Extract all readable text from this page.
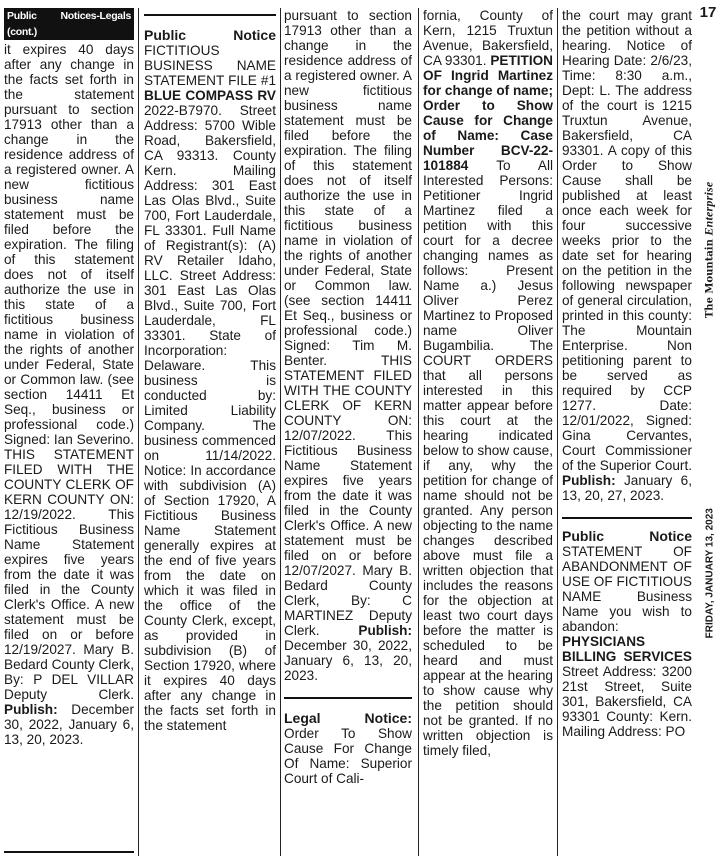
Public Notices-Legals (cont.)
it expires 40 days after any change in the facts set forth in the statement pursuant to section 17913 other than a change in the residence address of a registered owner. A new fictitious business name statement must be filed before the expiration. The filing of this statement does not of itself authorize the use in this state of a fictitious business name in violation of the rights of another under Federal, State or Common law. (see section 14411 Et Seq., business or professional code.) Signed: Ian Severino. THIS STATEMENT FILED WITH THE COUNTY CLERK OF KERN COUNTY ON: 12/19/2022. This Fictitious Business Name Statement expires five years from the date it was filed in the County Clerk's Office. A new statement must be filed on or before 12/19/2027. Mary B. Bedard County Clerk, By: P DEL VILLAR Deputy Clerk. Publish: December 30, 2022, January 6, 13, 20, 2023.
Public	Notice
FICTITIOUS BUSINESS NAME STATEMENT FILE #1 BLUE COMPASS RV 2022-B7970. Street Address: 5700 Wible Road, Bakersfield, CA 93313. County Kern. Mailing Address: 301 East Las Olas Blvd., Suite 700, Fort Lauderdale, FL 33301. Full Name of Registrant(s): (A) RV Retailer Idaho, LLC. Street Address: 301 East Las Olas Blvd., Suite 700, Fort Lauderdale, FL 33301. State of Incorporation: Delaware. This business is conducted by: Limited Liability Company. The business commenced on 11/14/2022. Notice: In accordance with subdivision (A) of Section 17920, A Fictitious Business Name Statement generally expires at the end of five years from the date on which it was filed in the office of the County Clerk, except, as provided in subdivision (B) of Section 17920, where it expires 40 days after any change in the facts set forth in the statement
pursuant to section 17913 other than a change in the residence address of a registered owner. A new fictitious business name statement must be filed before the expiration. The filing of this statement does not of itself authorize the use in this state of a fictitious business name in violation of the rights of another under Federal, State or Common law. (see section 14411 Et Seq., business or professional code.) Signed: Tim M. Benter. THIS STATEMENT FILED WITH THE COUNTY CLERK OF KERN COUNTY ON: 12/07/2022. This Fictitious Business Name Statement expires five years from the date it was filed in the County Clerk's Office. A new statement must be filed on or before 12/07/2027. Mary B. Bedard County Clerk, By: C MARTINEZ Deputy Clerk.	Publish: December 30, 2022, January 6, 13, 20, 2023.
Legal	Notice:
Order To Show Cause For Change Of Name: Superior Court of Cali-
fornia, County of Kern, 1215 Truxtun Avenue, Bakersfield, CA 93301. PETITION OF Ingrid Martinez for change of name; Order to Show Cause for Change of Name: Case Number BCV-22-101884 To All Interested Persons: Petitioner Ingrid Martinez filed a petition with this court for a decree changing names as follows: Present Name a.) Jesus Oliver Perez Martinez to Proposed name Oliver Bugambilia. The COURT ORDERS that all persons interested in this matter appear before this court at the hearing indicated below to show cause, if any, why the petition for change of name should not be granted. Any person objecting to the name changes described above must file a written objection that includes the reasons for the objection at least two court days before the matter is scheduled to be heard and must appear at the hearing to show cause why the petition should not be granted. If no written objection is timely filed,
the court may grant the petition without a hearing. Notice of Hearing Date: 2/6/23, Time: 8:30 a.m., Dept: L. The address of the court is 1215 Truxtun Avenue, Bakersfield, CA 93301. A copy of this Order to Show Cause shall be published at least once each week for four successive weeks prior to the date set for hearing on the petition in the following newspaper of general circulation, printed in this county: The Mountain Enterprise. Non petitioning parent to be served as required by CCP 1277. Date: 12/01/2022, Signed: Gina Cervantes, Court Commissioner of the Superior Court. Publish: January 6, 13, 20, 27, 2023.
Public	Notice
STATEMENT OF ABANDONMENT OF USE OF FICTITIOUS NAME Business Name you wish to abandon: PHYSICIANS BILLING SERVICES Street Address: 3200 21st Street, Suite 301, Bakersfield, CA 93301 County: Kern. Mailing Address: PO
17
FRIDAY, JANUARY 13, 2023The Mountain Enterprise
